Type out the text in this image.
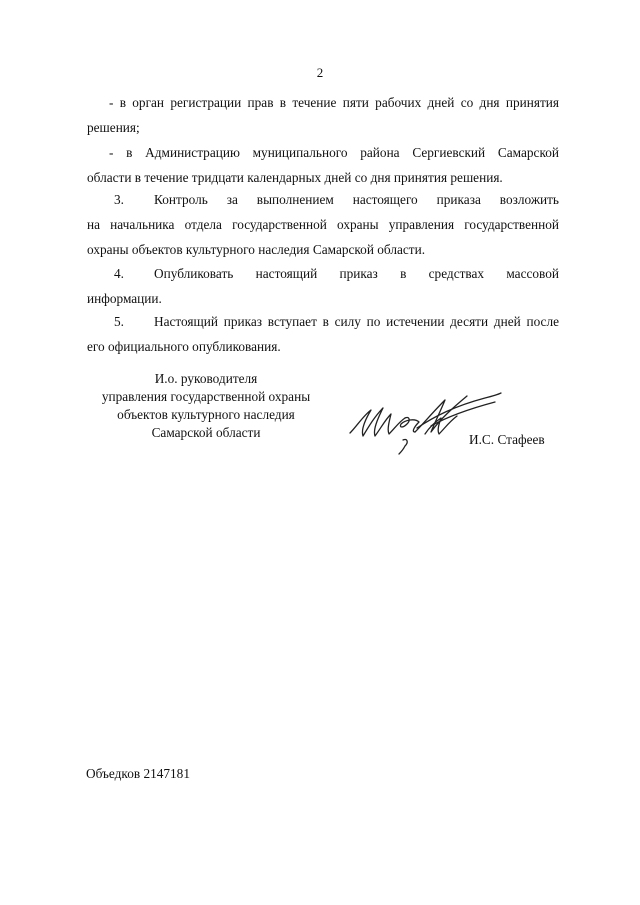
2

- в орган регистрации прав в течение пяти рабочих дней со дня принятия

решения;

- в Администрацию муниципального района Сергиевский Самарской

области в течение тридцати календарных дней со дня принятия решения.

3. Контроль за выполнением настоящего приказа возложить

на начальника отдела государственной охраны управления государственной

охраны объектов культурного наследия Самарской области.

4. Опубликовать настоящий приказ в средствах массовой

информации.

5. Настоящий приказ вступает в силу по истечении десяти дней после

его официального опубликования.

И.о. руководителя
управления государственной охраны
объектов культурного наследия
Самарской области	И.С. Стафеев
Объедков 2147181
